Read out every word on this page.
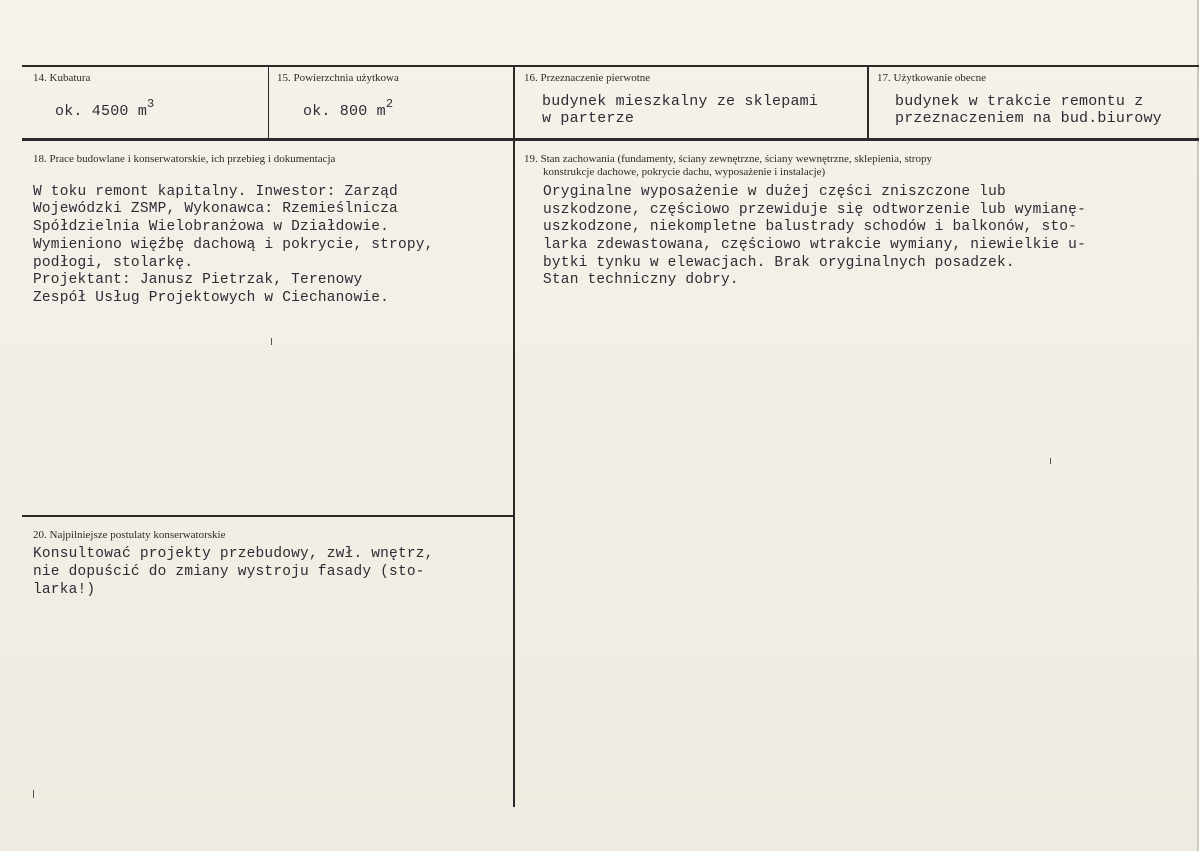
14. Kubatura
ok. 4500 $m^3$
15. Powierzchnia użytkowa
ok. 800 $m^2$
16. Przeznaczenie pierwotne
budynek mieszkalny ze sklepami
w parterze
17. Użytkowanie obecne
budynek w trakcie remontu z
przeznaczeniem na bud.biurowy
18. Prace budowlane i konserwatorskie, ich przebieg i dokumentacja
W toku remont kapitalny. Inwestor: Zarząd
Wojewódzki ZSMP, Wykonawca: Rzemieślnicza
Spółdzielnia Wielobranżowa w Działdowie.
Wymieniono więźbę dachową i pokrycie, stropy,
podłogi, stolarkę.
Projektant: Janusz Pietrzak, Terenowy
Zespół Usług Projektowych w Ciechanowie.
19. Stan zachowania (fundamenty, ściany zewnętrzne, ściany wewnętrzne, sklepienia, stropy
konstrukcje dachowe, pokrycie dachu, wyposażenie i instalacje)
Oryginalne wyposażenie w dużej części zniszczone lub
uszkodzone, częściowo przewiduje się odtworzenie lub wymianę-
uszkodzone, niekompletne balustrady schodów i balkonów, sto-
larka zdewastowana, częściowo wtrakcie wymiany, niewielkie u-
bytki tynku w elewacjach. Brak oryginalnych posadzek.
Stan techniczny dobry.
20. Najpilniejsze postulaty konserwatorskie
Konsultować projekty przebudowy, zwł. wnętrz,
nie dopuścić do zmiany wystroju fasady (sto-
larka!)
